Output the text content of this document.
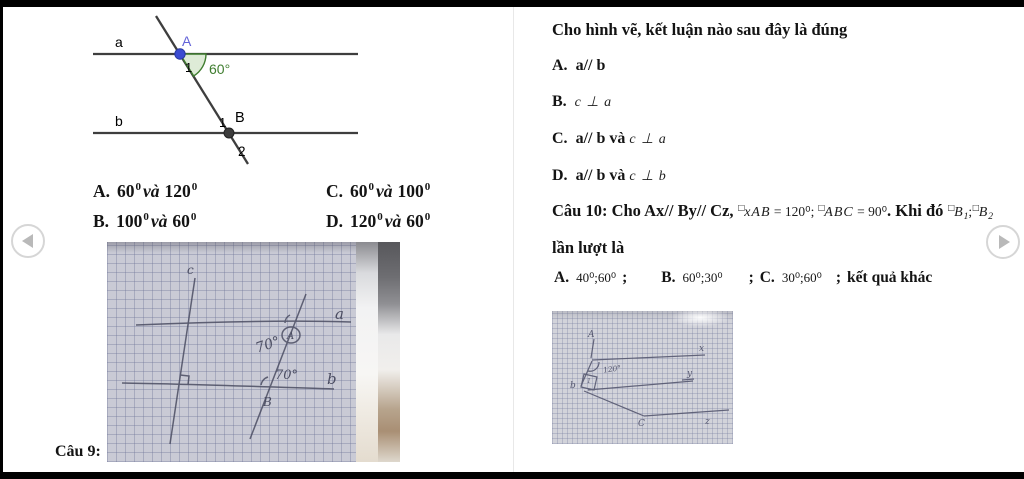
a
b
A
1 60°
1 B
2
A. $60^0$ và $120^0$	C. $60^0$ và $100^0$
B. $100^0$ và $60^0$	D. $120^0$ và $60^0$
c
a
b
70° A
70°
B
Câu 9:
Cho hình vẽ, kết luận nào sau đây là đúng
A. a// b
B. c ⊥ a
C. a// b và c ⊥ a
D. a// b và c ⊥ b
Câu 10: Cho Ax// By// Cz, □xAB = 120⁰; □ABC = 90⁰. Khi đó □B1;□B2
lần lượt là
A. 40⁰;60⁰ ; B. 60⁰;30⁰ ; C. 30⁰;60⁰ ; kết quả khác
A
x
120°
b 1
y
C	z
